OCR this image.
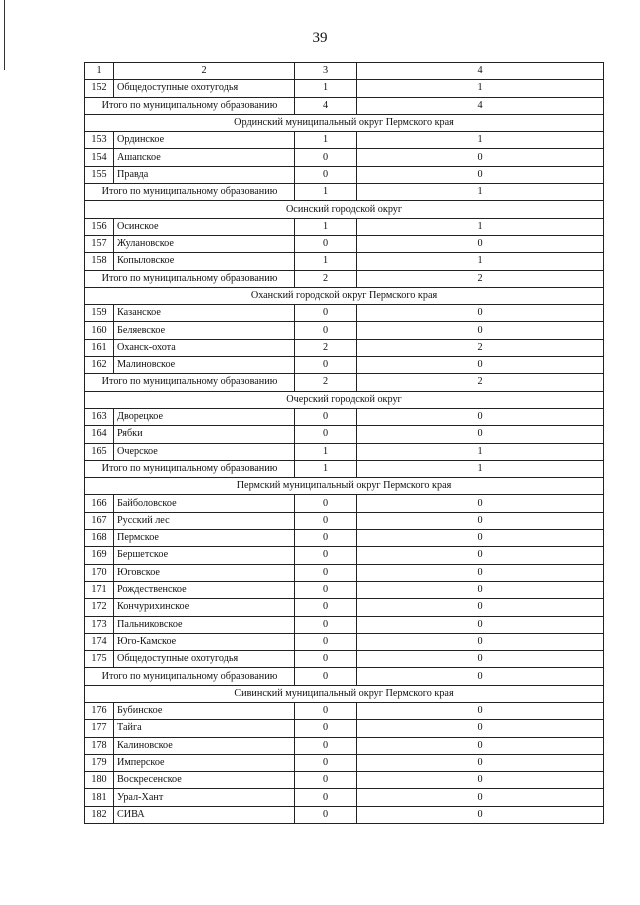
39
1	2	3	4
152	Общедоступные охотугодья	1	1
Итого по муниципальному образованию		4	4
Ординский муниципальный округ Пермского края			
153	Ординское	1	1
154	Ашапское	0	0
155	Правда	0	0
Итого по муниципальному образованию		1	1
Осинский городской округ			
156	Осинское	1	1
157	Жулановское	0	0
158	Копыловское	1	1
Итого по муниципальному образованию		2	2
Оханский городской округ Пермского края			
159	Казанское	0	0
160	Беляевское	0	0
161	Оханск-охота	2	2
162	Малиновское	0	0
Итого по муниципальному образованию		2	2
Очерский городской округ			
163	Дворецкое	0	0
164	Рябки	0	0
165	Очерское	1	1
Итого по муниципальному образованию		1	1
Пермский муниципальный округ Пермского края			
166	Байболовское	0	0
167	Русский лес	0	0
168	Пермское	0	0
169	Бершетское	0	0
170	Юговское	0	0
171	Рождественское	0	0
172	Кончурихинское	0	0
173	Пальниковское	0	0
174	Юго-Камское	0	0
175	Общедоступные охотугодья	0	0
Итого по муниципальному образованию		0	0
Сивинский муниципальный округ Пермского края			
176	Бубинское	0	0
177	Тайга	0	0
178	Калиновское	0	0
179	Имперское	0	0
180	Воскресенское	0	0
181	Урал-Хант	0	0
182	СИВА	0	0
